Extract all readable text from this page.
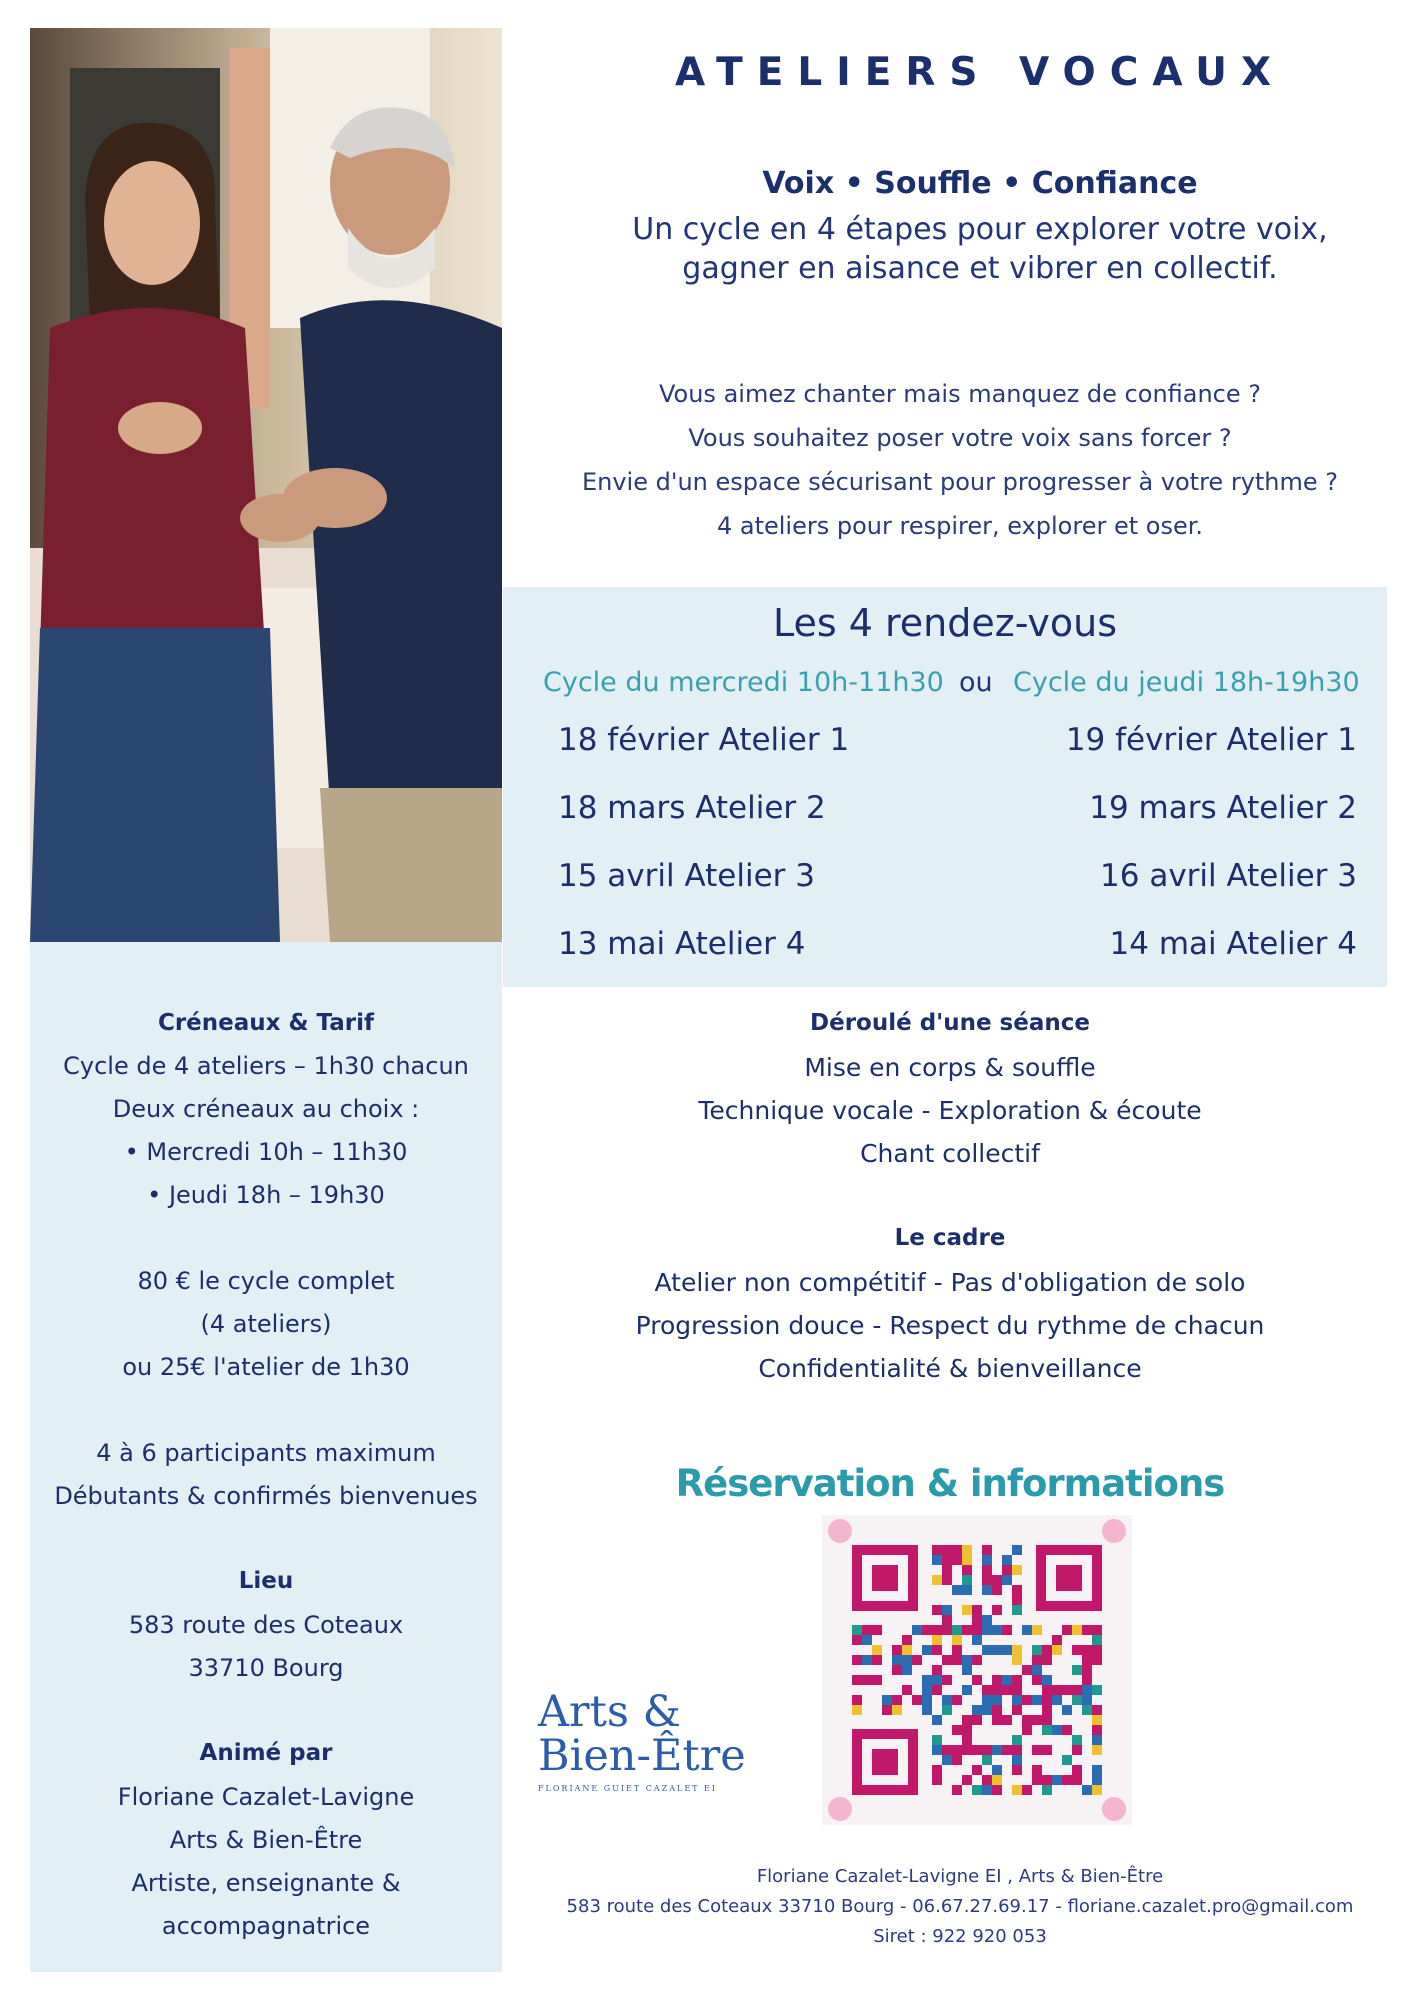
ATELIERS VOCAUX
Voix • Souffle • Confiance
Un cycle en 4 étapes pour explorer votre voix,
gagner en aisance et vibrer en collectif.
Vous aimez chanter mais manquez de confiance ?
Vous souhaitez poser votre voix sans forcer ?
Envie d'un espace sécurisant pour progresser à votre rythme ?
4 ateliers pour respirer, explorer et oser.
Les 4 rendez-vous
Cycle du mercredi 10h-11h30 ou Cycle du jeudi 18h-19h30
18 février Atelier 1
18 mars Atelier 2
15 avril Atelier 3
13 mai Atelier 4
19 février Atelier 1
19 mars Atelier 2
16 avril Atelier 3
14 mai Atelier 4
Créneaux & Tarif
Cycle de 4 ateliers – 1h30 chacun
Deux créneaux au choix :
• Mercredi 10h – 11h30
• Jeudi 18h – 19h30
80 € le cycle complet
(4 ateliers)
ou 25€ l'atelier de 1h30
4 à 6 participants maximum
Débutants & confirmés bienvenues
Lieu
583 route des Coteaux
33710 Bourg
Animé par
Floriane Cazalet-Lavigne
Arts & Bien-Être
Artiste, enseignante &
accompagnatrice
Déroulé d'une séance
Mise en corps & souffle
Technique vocale - Exploration & écoute
Chant collectif
Le cadre
Atelier non compétitif - Pas d'obligation de solo
Progression douce - Respect du rythme de chacun
Confidentialité & bienveillance
Réservation & informations
Arts &
Bien-Être
FLORIANE GUIET CAZALET EI
Floriane Cazalet-Lavigne EI , Arts & Bien-Être
583 route des Coteaux 33710 Bourg - 06.67.27.69.17 - floriane.cazalet.pro@gmail.com
Siret : 922 920 053
